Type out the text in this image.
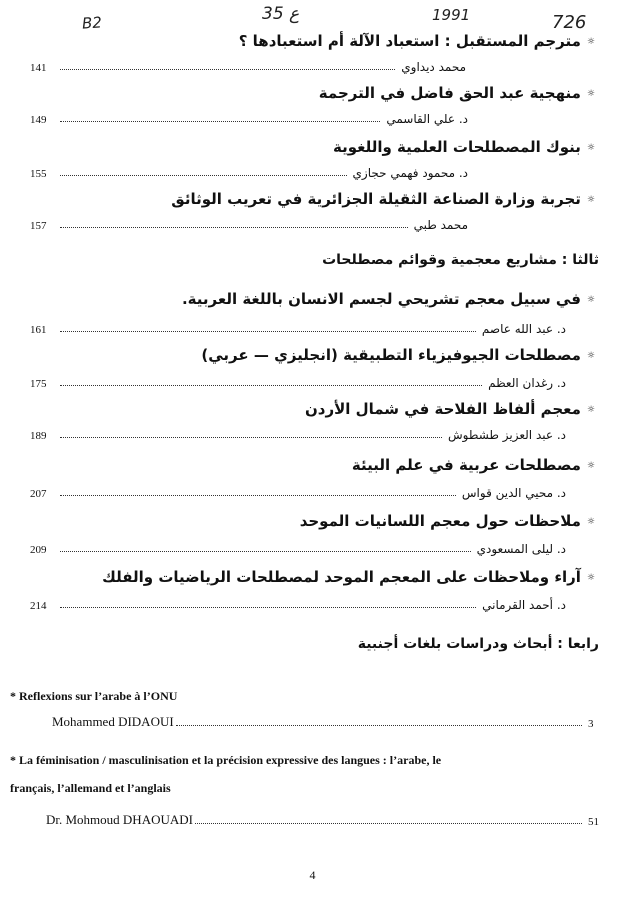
B2	35 ع	1991	726
☼مترجم المستقبل : استعباد الآلة أم استعبادها ؟
141	محمد ديداوي
☼منهجية عبد الحق فاضل في الترجمة
149	د. علي القاسمي
☼بنوك المصطلحات العلمية واللغوية
155	د. محمود فهمي حجازي
☼تجربة وزارة الصناعة الثقيلة الجزائرية في تعريب الوثائق
157	محمد طبي
ثالثا : مشاريع معجمية وقوائم مصطلحات
☼في سبيل معجم تشريحي لجسم الانسان باللغة العربية.
161	د. عبد الله عاصم
☼مصطلحات الجيوفيزياء التطبيقية (انجليزي — عربي)
175	د. رغدان العظم
☼معجم ألفاظ الفلاحة في شمال الأردن
189	د. عبد العزيز طشطوش
☼مصطلحات عربية في علم البيئة
207	د. محيي الدين قواس
☼ملاحظات حول معجم اللسانيات الموحد
209	د. ليلى المسعودي
☼آراء وملاحظات على المعجم الموحد لمصطلحات الرياضيات والفلك
214	د. أحمد القرماني
رابعا : أبحاث ودراسات بلغات أجنبية
* Reflexions sur l’arabe à l’ONU
Mohammed DIDAOUI	3
* La féminisation / masculinisation et la précision expressive des langues : l’arabe, le
français, l’allemand et l’anglais
Dr. Mohmoud DHAOUADI	51
4
